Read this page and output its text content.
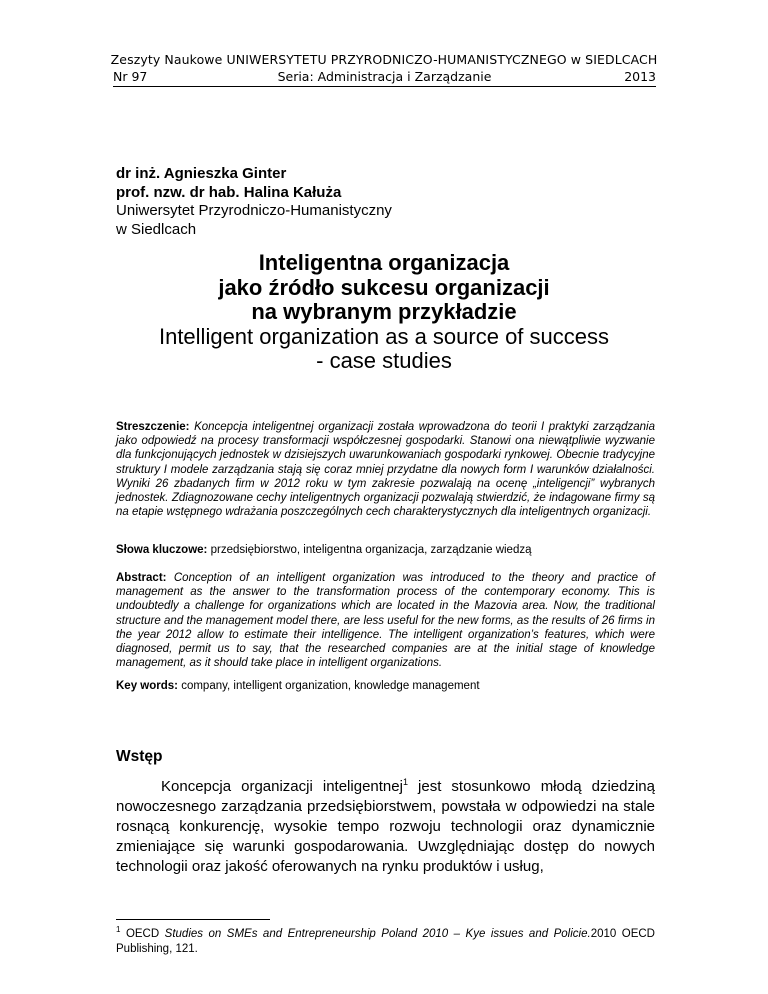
Zeszyty Naukowe UNIWERSYTETU PRZYRODNICZO-HUMANISTYCZNEGO w SIEDLCACH
Nr 97	Seria: Administracja i Zarządzanie	2013
dr inż. Agnieszka Ginter
prof. nzw. dr hab. Halina Kałuża
Uniwersytet Przyrodniczo-Humanistyczny
w Siedlcach
Inteligentna organizacja
jako źródło sukcesu organizacji
na wybranym przykładzie
Intelligent organization as a source of success
- case studies
Streszczenie: Koncepcja inteligentnej organizacji została wprowadzona do teorii I praktyki zarządzania jako odpowiedź na procesy transformacji współczesnej gospodarki. Stanowi ona niewątpliwie wyzwanie dla funkcjonujących jednostek w dzisiejszych uwarunkowaniach gospodarki rynkowej. Obecnie tradycyjne struktury I modele zarządzania stają się coraz mniej przydatne dla nowych form I warunków działalności. Wyniki 26 zbadanych firm w 2012 roku w tym zakresie pozwalają na ocenę „inteligencji” wybranych jednostek. Zdiagnozowane cechy inteligentnych organizacji pozwalają stwierdzić, że indagowane firmy są na etapie wstępnego wdrażania poszczególnych cech charakterystycznych dla inteligentnych organizacji.
Słowa kluczowe: przedsiębiorstwo, inteligentna organizacja, zarządzanie wiedzą
Abstract: Conception of an intelligent organization was introduced to the theory and practice of management as the answer to the transformation process of the contemporary economy. This is undoubtedly a challenge for organizations which are located in the Mazovia area. Now, the traditional structure and the management model there, are less useful for the new forms, as the results of 26 firms in the year 2012 allow to estimate their intelligence. The intelligent organization’s features, which were diagnosed, permit us to say, that the researched companies are at the initial stage of knowledge management, as it should take place in intelligent organizations.
Key words: company, intelligent organization, knowledge management
Wstęp

Koncepcja organizacji inteligentnej$^1$ jest stosunkowo młodą dziedziną nowoczesnego zarządzania przedsiębiorstwem, powstała w odpowiedzi na stale rosnącą konkurencję, wysokie tempo rozwoju technologii oraz dynamicznie zmieniające się warunki gospodarowania. Uwzględniając dostęp do nowych technologii oraz jakość oferowanych na rynku produktów i usług,

$^1$ OECD Studies on SMEs and Entrepreneurship Poland 2010 – Kye issues and Policie.2010 OECD Publishing, 121.
